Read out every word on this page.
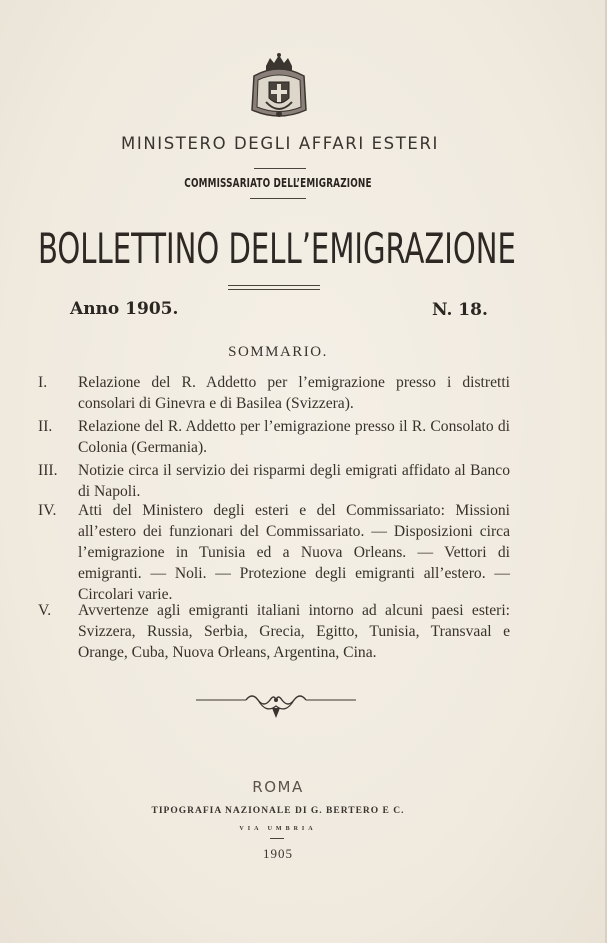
MINISTERO DEGLI AFFARI ESTERI
COMMISSARIATO DELL’EMIGRAZIONE
BOLLETTINO DELL’EMIGRAZIONE
Anno 1905.	N. 18.
SOMMARIO.
I.	Relazione del R. Addetto per l’emigrazione presso i distretti consolari di Ginevra e di Basilea (Svizzera).
II.	Relazione del R. Addetto per l’emigrazione presso il R. Consolato di Colonia (Germania).
III.	Notizie circa il servizio dei risparmi degli emigrati affidato al Banco di Napoli.
IV.	Atti del Ministero degli esteri e del Commissariato: Missioni all’estero dei funzionari del Commissariato. — Disposizioni circa l’emigrazione in Tunisia ed a Nuova Orleans. — Vettori di emigranti. — Noli. — Protezione degli emigranti all’estero. — Circolari varie.
V.	Avvertenze agli emigranti italiani intorno ad alcuni paesi esteri: Svizzera, Russia, Serbia, Grecia, Egitto, Tunisia, Transvaal e Orange, Cuba, Nuova Orleans, Argentina, Cina.
ROMA
TIPOGRAFIA NAZIONALE DI G. BERTERO E C.
VIA UMBRIA
1905
